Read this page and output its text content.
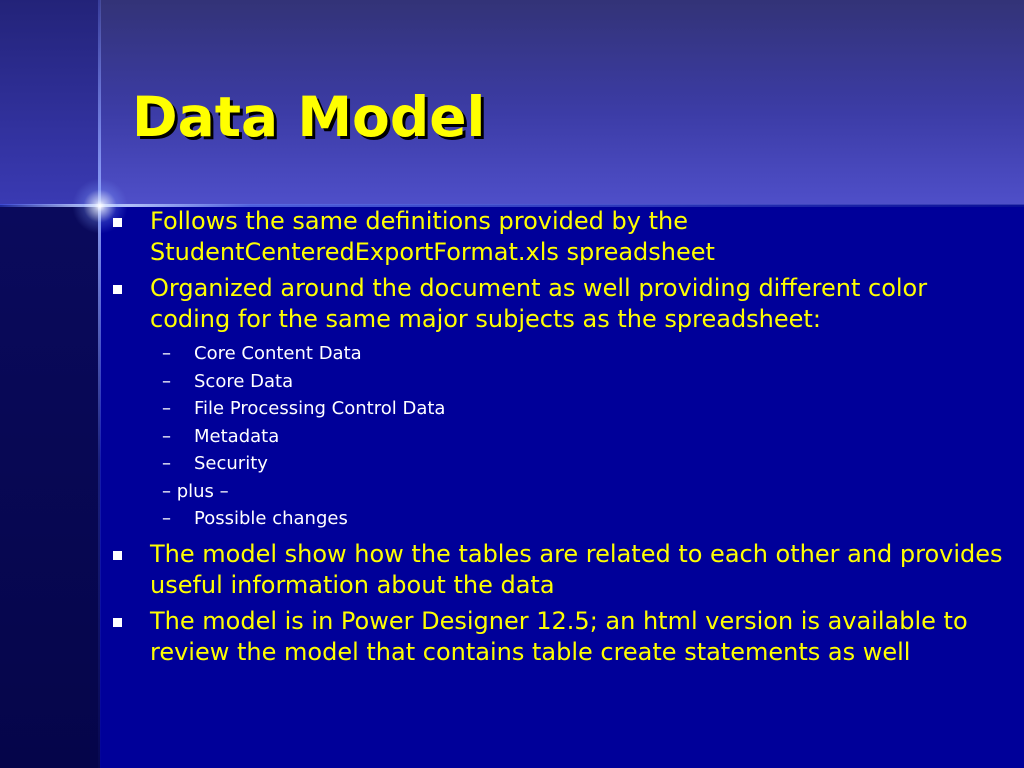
Data Model
Follows the same definitions provided by the StudentCenteredExportFormat.xls spreadsheet
Organized around the document as well providing different color coding for the same major subjects as the spreadsheet:
– Core Content Data
– Score Data
– File Processing Control Data
– Metadata
– Security
– plus –
– Possible changes
The model show how the tables are related to each other and provides useful information about the data
The model is in Power Designer 12.5; an html version is available to review the model that contains table create statements as well
